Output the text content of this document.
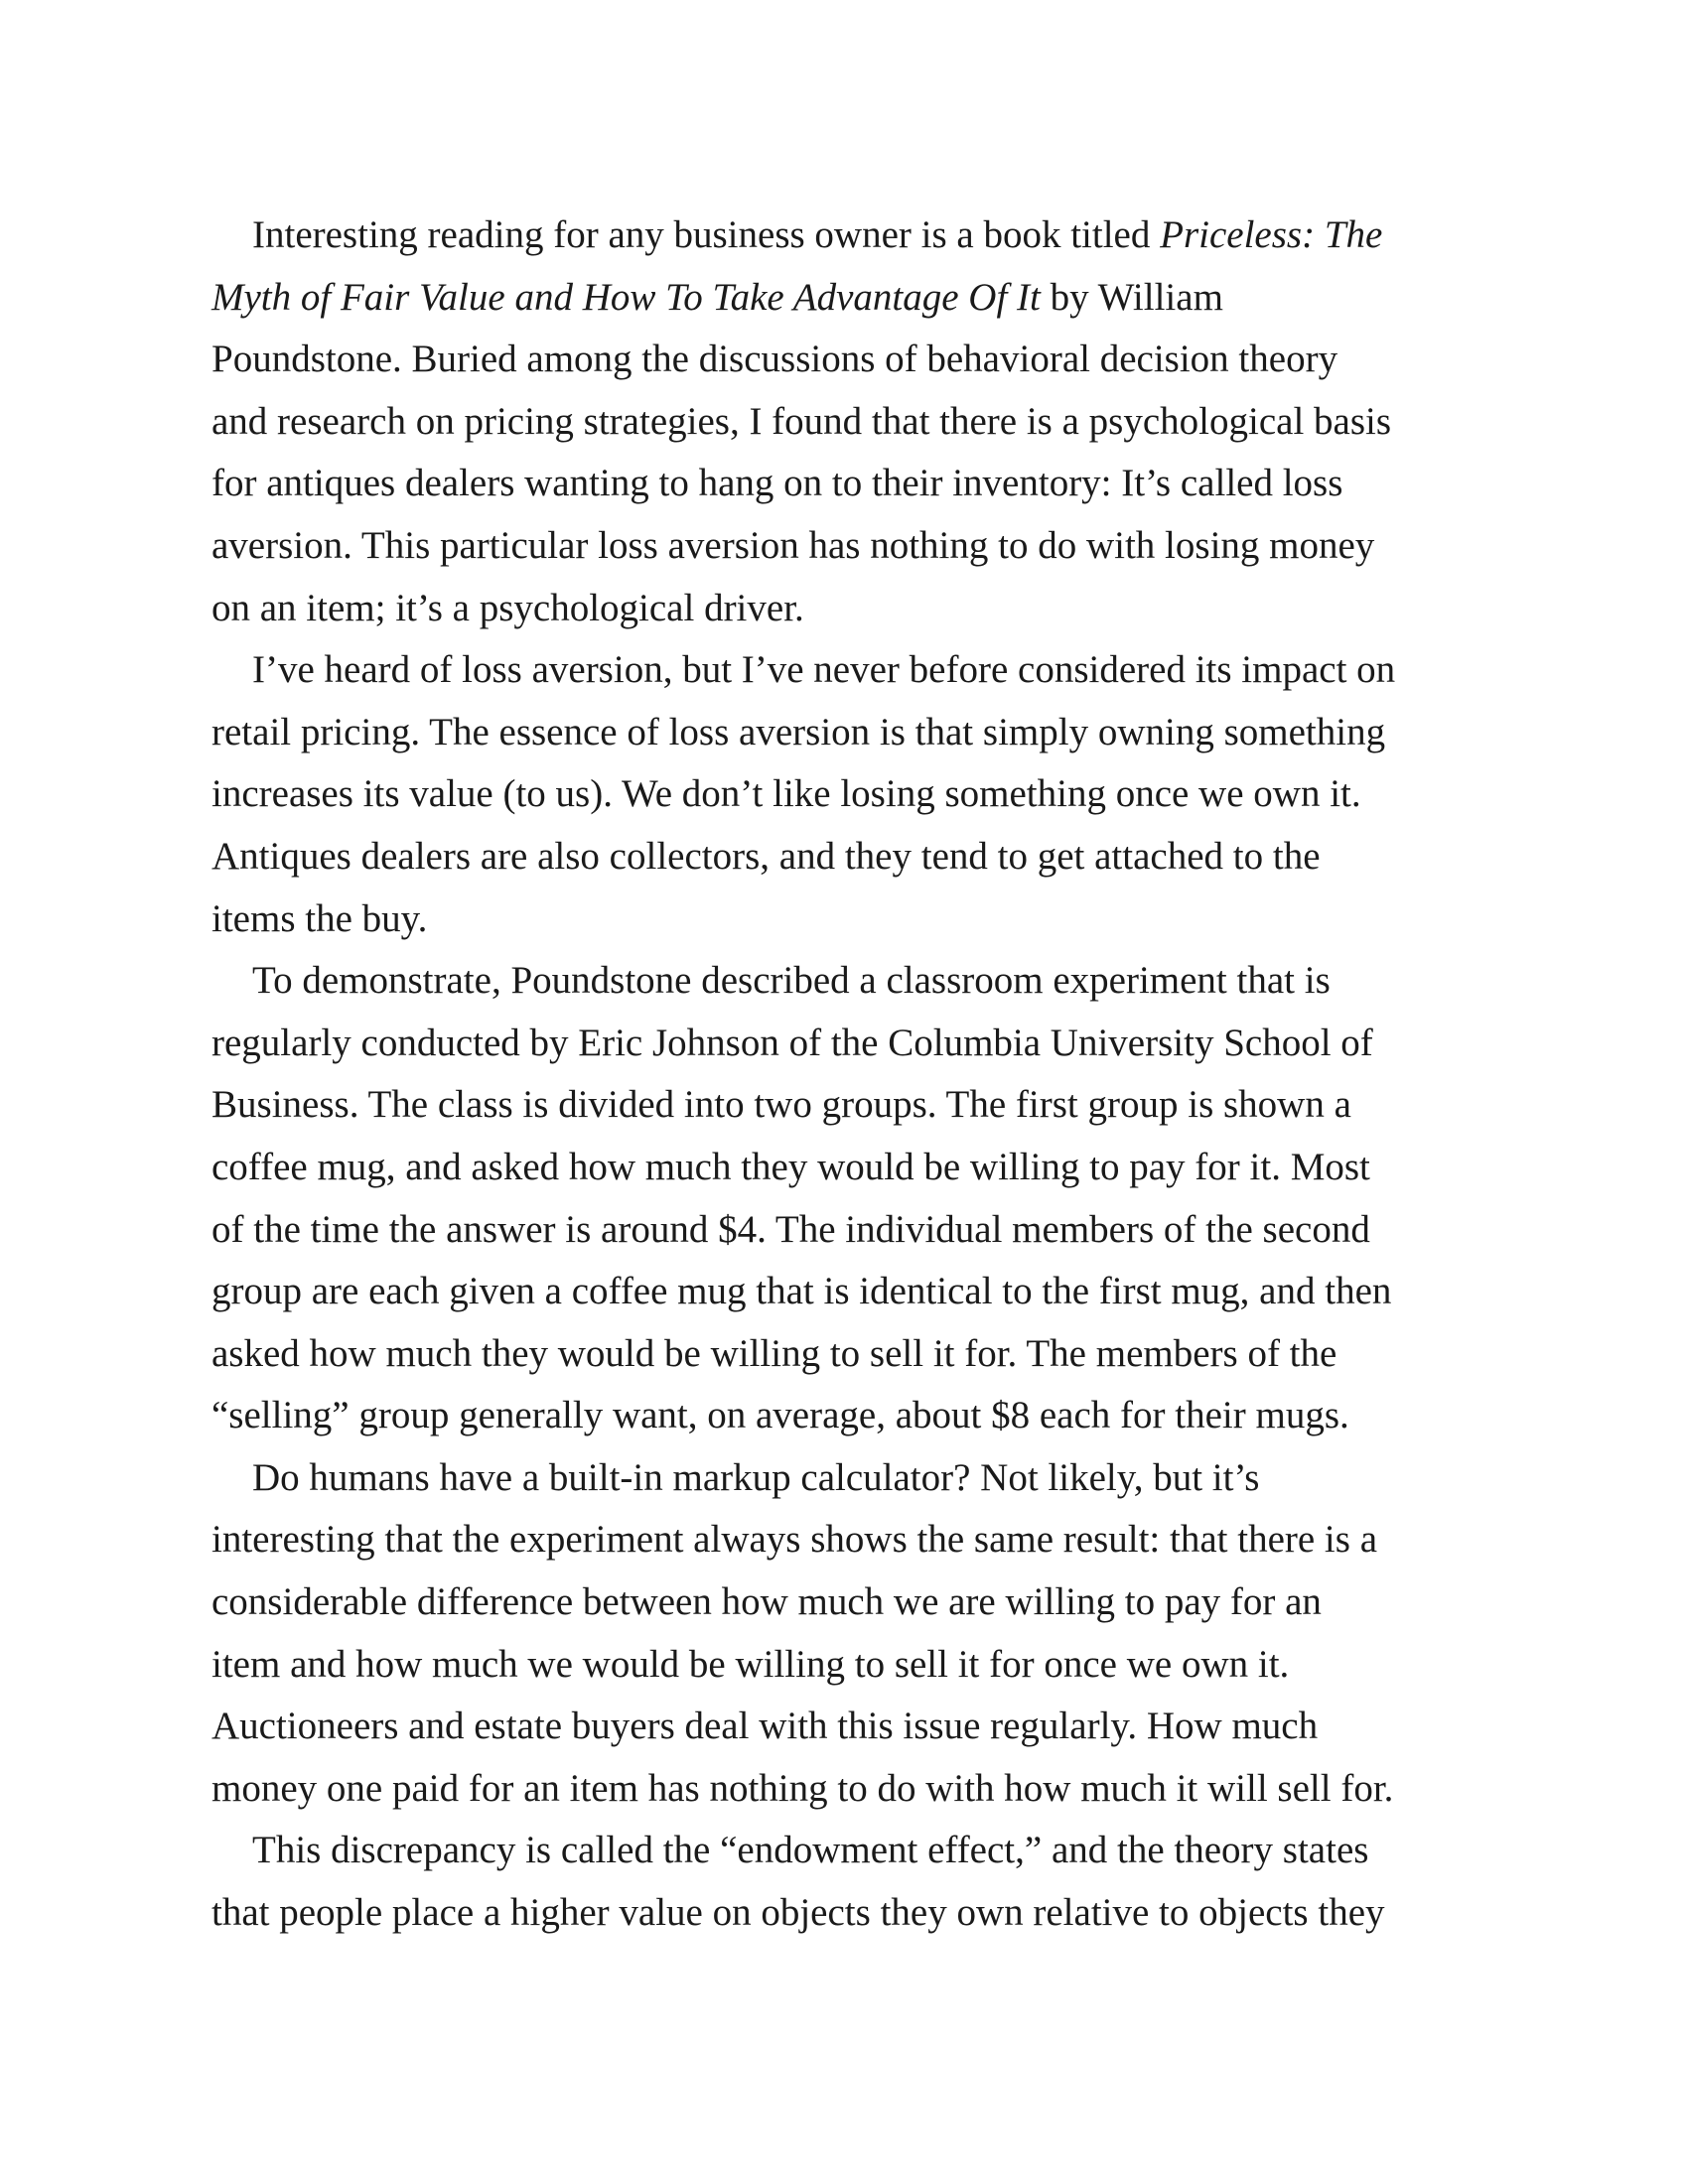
Interesting reading for any business owner is a book titled Priceless: The
Myth of Fair Value and How To Take Advantage Of It by William
Poundstone. Buried among the discussions of behavioral decision theory
and research on pricing strategies, I found that there is a psychological basis
for antiques dealers wanting to hang on to their inventory: It’s called loss
aversion. This particular loss aversion has nothing to do with losing money
on an item; it’s a psychological driver.

I’ve heard of loss aversion, but I’ve never before considered its impact on
retail pricing. The essence of loss aversion is that simply owning something
increases its value (to us). We don’t like losing something once we own it.
Antiques dealers are also collectors, and they tend to get attached to the
items the buy.

To demonstrate, Poundstone described a classroom experiment that is
regularly conducted by Eric Johnson of the Columbia University School of
Business. The class is divided into two groups. The first group is shown a
coffee mug, and asked how much they would be willing to pay for it. Most
of the time the answer is around $4. The individual members of the second
group are each given a coffee mug that is identical to the first mug, and then
asked how much they would be willing to sell it for. The members of the
“selling” group generally want, on average, about $8 each for their mugs.

Do humans have a built-in markup calculator? Not likely, but it’s
interesting that the experiment always shows the same result: that there is a
considerable difference between how much we are willing to pay for an
item and how much we would be willing to sell it for once we own it.
Auctioneers and estate buyers deal with this issue regularly. How much
money one paid for an item has nothing to do with how much it will sell for.

This discrepancy is called the “endowment effect,” and the theory states
that people place a higher value on objects they own relative to objects they
